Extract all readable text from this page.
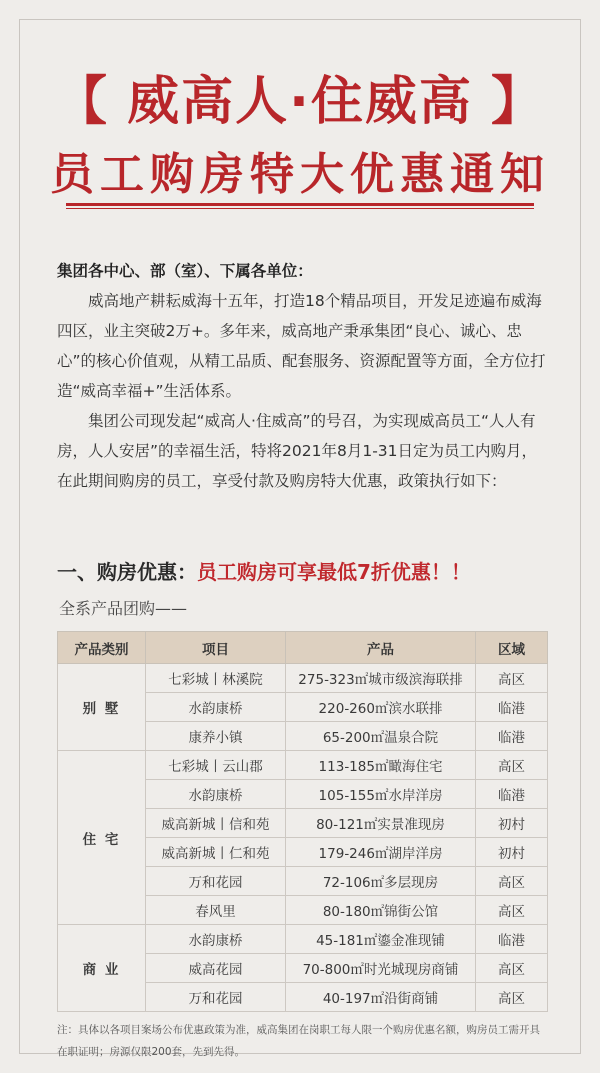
【 威高人·住威高 】
员工购房特大优惠通知
集团各中心、部（室）、下属各单位：

威高地产耕耘威海十五年，打造18个精品项目，开发足迹遍布威海四区，业主突破2万+。多年来，威高地产秉承集团“良心、诚心、忠心”的核心价值观，从精工品质、配套服务、资源配置等方面，全方位打造“威高幸福+”生活体系。

集团公司现发起“威高人·住威高”的号召，为实现威高员工“人人有房，人人安居”的幸福生活，特将2021年8月1-31日定为员工内购月，在此期间购房的员工，享受付款及购房特大优惠，政策执行如下：

一、购房优惠：员工购房可享最低7折优惠！！
全系产品团购——
产品类别	项目	产品	区域
别 墅	七彩城丨林溪院	275-323㎡城市级滨海联排	高区
	水韵康桥	220-260㎡滨水联排	临港
	康养小镇	65-200㎡温泉合院	临港
住 宅	七彩城丨云山郡	113-185㎡瞰海住宅	高区
	水韵康桥	105-155㎡水岸洋房	临港
	威高新城丨信和苑	80-121㎡实景准现房	初村
	威高新城丨仁和苑	179-246㎡湖岸洋房	初村
	万和花园	72-106㎡多层现房	高区
	春风里	80-180㎡锦街公馆	高区
商 业	水韵康桥	45-181㎡鎏金准现铺	临港
	威高花园	70-800㎡时光城现房商铺	高区
	万和花园	40-197㎡沿街商铺	高区
注：具体以各项目案场公布优惠政策为准，威高集团在岗职工每人限一个购房优惠名额，购房员工需开具在职证明；房源仅限200套，先到先得。
